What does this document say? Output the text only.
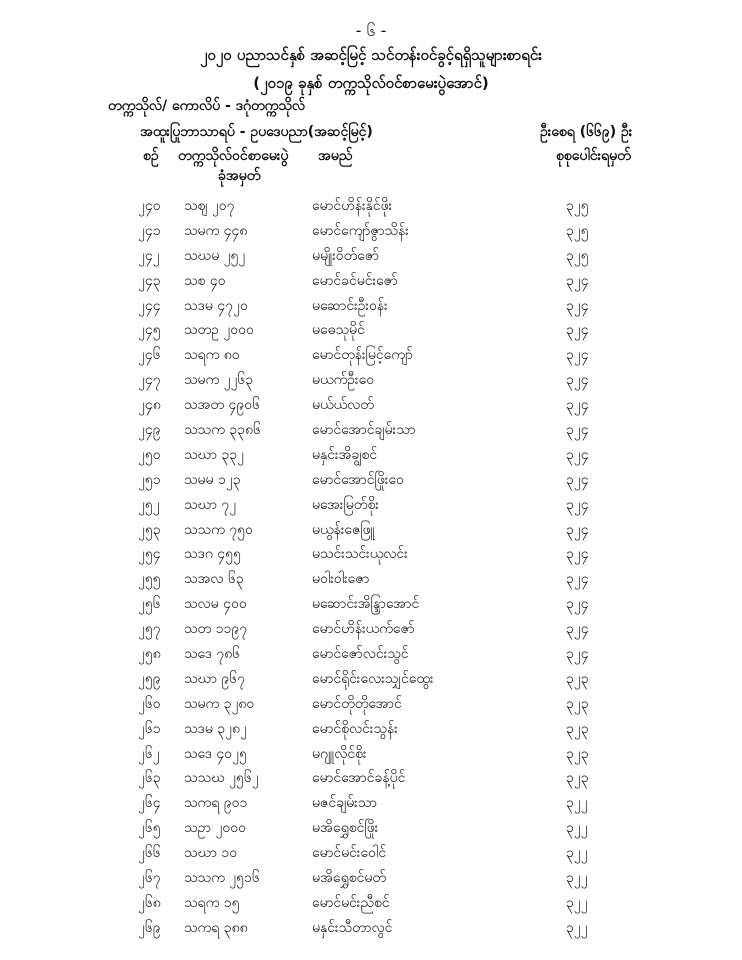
- ၆ -
၂၀၂၀ ပညာသင်နှစ် အဆင့်မြင့် သင်တန်းဝင်ခွင့်ရရှိသူများစာရင်း
(၂၀၁၉ ခုနှစ် တက္ကသိုလ်ဝင်စာမေးပွဲအောင်)
တက္ကသိုလ်/ ကောလိပ် - ဒဂုံတက္ကသိုလ်
အထူးပြုဘာသာရပ် - ဥပဒေပညာ(အဆင့်မြင့်)	ဦးစေရ (၆၆၉) ဦး
စဉ် တက္ကသိုလ်ဝင်စာမေးပွဲ
ခုံအမှတ်
အမည်	စုစုပေါင်းရမှတ်
၂၄၀ သဈ ၂၀၇	မောင်ဟိန်းနိုင်ဖိုး	၃၂၅
၂၄၁ သမက ၄၄၈	မောင်ကျော်ဇွာသိန်း	၃၂၅
၂၄၂ သဃမ ၂၅၂	မမျိုးဝိတ်ဇော်	၃၂၅
၂၄၃ သစ ၄၀	မောင်ခင်မင်းဇော်	၃၂၄
၂၄၄ သဒမ ၄၇၂၀	မဆောင်းဦးဝန်း	၃၂၄
၂၄၅ သတဥ ၂၀၀၀	မဓေသုမိုင်	၃၂၄
၂၄၆ သရက ၈၀	မောင်တုန်းမြင့်ကျော်	၃၂၄
၂၄၇ သမက ၂၂၆၃	မယက်ဦးဝေ	၃၂၄
၂၄၈ သအတ ၄၉၀၆	မယ်ယ်လတ်	၃၂၄
၂၄၉ သသက ၃၃၈၆	မောင်အောင်ချမ်းသာ	၃၂၄
၂၅၀ သဃာ ၃၃၂	မနှင်းအိချွစင်	၃၂၄
၂၅၁ သမမ ၁၂၃	မောင်အောင်ဖြိုးဝေ	၃၂၄
၂၅၂ သဃာ ၇၂	မအေးမြတ်စိုး	၃၂၄
၂၅၃ သသက ၇၅၀	မယွန်းဇေဖြူ	၃၂၄
၂၅၄ သဒဂ ၄၅၅	မသင်းသင်းယုလင်း	၃၂၄
၂၅၅ သအလ ၆၃	မဝါးဝါးဇော	၃၂၄
၂၅၆ သလမ ၄၀၀	မဆောင်းအိန္ဒြာအောင်	၃၂၄
၂၅၇ သတ ၁၁၉၇	မောင်ဟိန်းယက်ဇော်	၃၂၄
၂၅၈ သဒေ ၇၈၆	မောင်ဇော်လင်းသွင်	၃၂၄
၂၅၉ သဃာ ၉၆၇	မောင်ရိုင်းလေးသျှင်ထွေး	၃၂၃
၂၆၀ သမက ၃၂၈၀	မောင်တိုတိုအောင်	၃၂၃
၂၆၁ သဒမ ၃၂၈၂	မောင်စိုလင်းသွန်း	၃၂၃
၂၆၂ သဒေ ၄၀၂၅	မဂျူလိုင်စိုး	၃၂၃
၂၆၃ သသဃ ၂၅၆၂	မောင်အောင်ခန့်ပိုင်	၃၂၃
၂၆၄ သကရ ၉၀၁	မဇင်ချမ်းသာ	၃၂၂
၂၆၅ သဥာ ၂၀၀၀	မအိရွှေစင်ဖြိုး	၃၂၂
၂၆၆ သဃာ ၁၀	မောင်မင်းဝေါင်	၃၂၂
၂၆၇ သသက ၂၅၁၆	မအိရွှေစင်မတ်	၃၂၂
၂၆၈ သရက ၁၅	မောင်မင်းညီစင်	၃၂၂
၂၆၉ သကရ ၃၈၈	မနှင်းသီတာလွင်	၃၂၂
